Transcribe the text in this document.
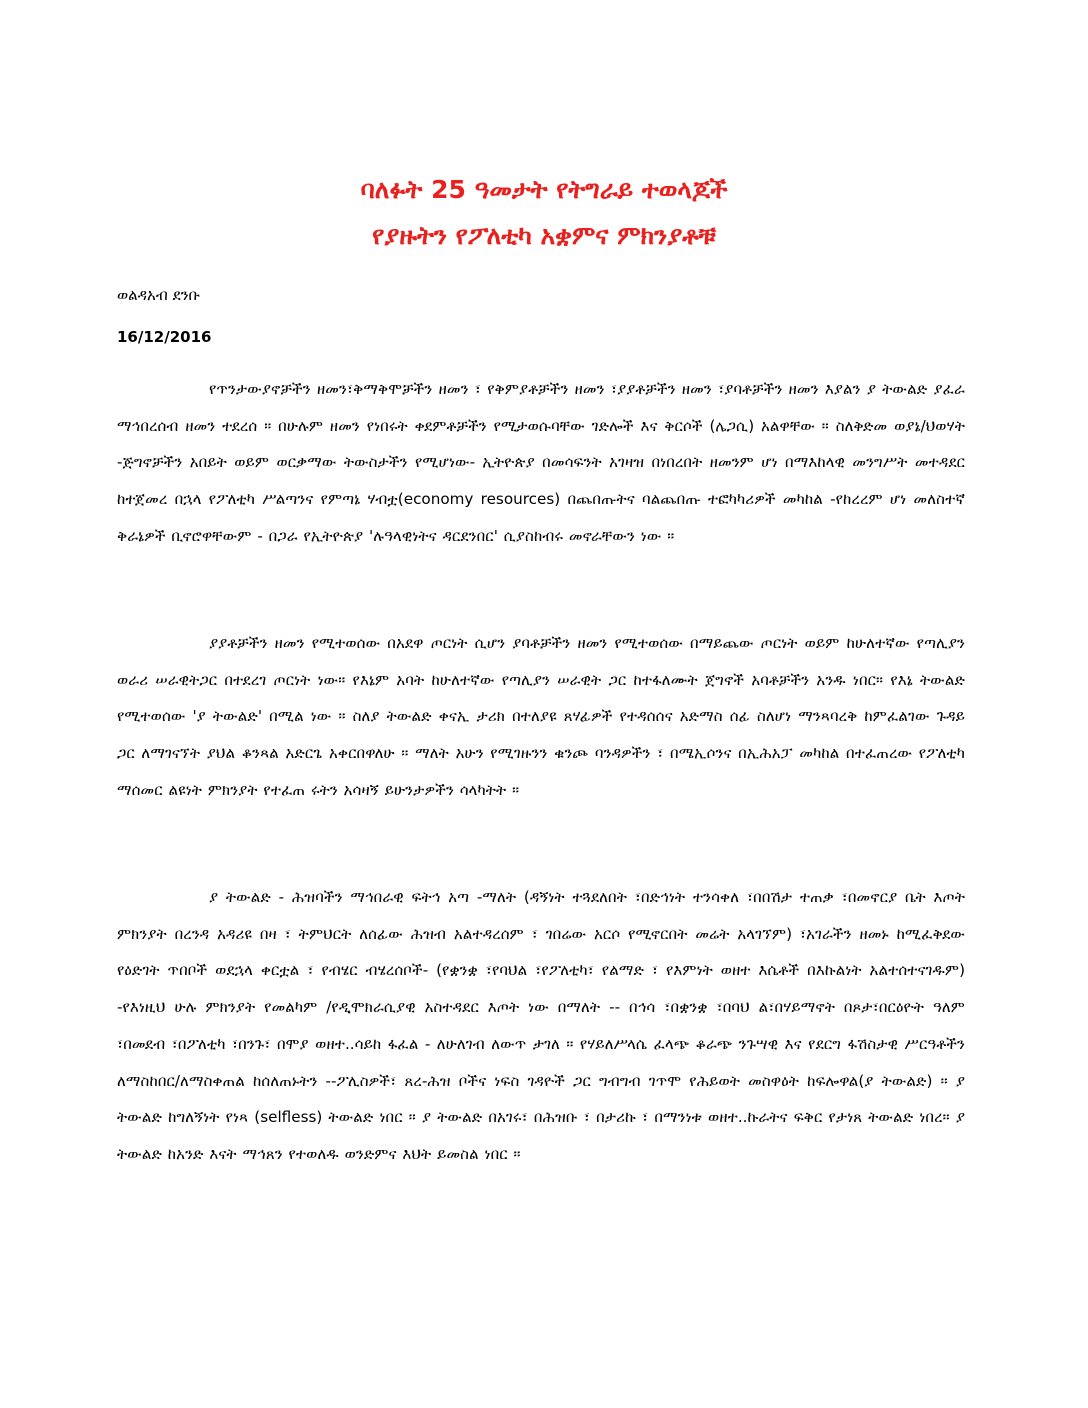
ባለፉት 25 ዓመታት የትግራይ ተወላጆች
የያዙትን የፖለቲካ አቋምና ምክንያቶቹ
ወልዳአብ ደንቡ
16/12/2016

የጥንታውያኖቻችን ዘመን፣ቅማቅሞቻችን ዘመን ፣ የቅምያቶቻችን ዘመን ፣ያያቶቻችን ዘመን ፣ያባቶቻችን ዘመን እያልን ያ ትውልድ ያፈራ ማኅበረሰብ ዘመን ተደረሰ ። በሁሉም ዘመን የነበሩት ቀደምቶቻችን የሚታወሱባቸው ገድሎች እና ቅርሶች (ሌጋሲ) አልዋቸው ። ስለቅድመ ወያኔ/ህወሃት -ጅግኖቻችን አበይት ወይም ወርቃማው ትውስታችን የሚሆነው- ኢትዮጵያ በመሳፍንት አገዛዝ በነበረበት ዘመንም ሆነ በማእከላዊ መንግሥት መተዳደር ከተጀመረ በኋላ የፖለቲካ ሥልጣንና የምጣኔ ሃብቷ(economy resources) በጨበጡትና ባልጨበጡ ተፎካካሪዎች መካከል -የከረረም ሆነ መለስተኛ ቅራኔዎች ቢኖሮዋቸውም - በጋራ የኢትዮጵያ 'ሉዓላዊነትና ዳርደንበር' ሲያስከብሩ መኖራቸውን ነው ።

ያያቶቻችን ዘመን የሚተወሰው በአደዋ ጦርነት ሲሆን ያባቶቻችን ዘመን የሚተወሰው በማይጨው ጦርነት ወይም ከሁለተኛው የጣሊያን ወራሪ ሠራዊትጋር በተደረገ ጦርነት ነው። የእኔም አባት ከሁለተኛው የጣሊያን ሠራዊት ጋር ከተፋለሙት ጀግኖች አባቶቻችን አንዱ ነበር። የእኔ ትውልድ የሚተወሰው 'ያ ትውልድ' በሚል ነው ። ስለያ ትውልድ ቀናኢ ታሪክ በተለያዩ ጸሃፊዎች የተዳሰሰና አድማስ ሰፊ ስለሆነ ማንጻባረቅ ከምፈልገው ጉዳይ ጋር ለማገናኘት ያህል ቆንጻል አድርጌ አቀርበዋለሁ ። ማለት አሁን የሚገዙንን ቁንጮ ባንዳዎችን ፣ በሜኢሶንና በኢሕአፓ መካከል በተፈጠረው የፖለቲካ ማሰመር ልዩነት ምክንያት የተፈጠ ሩትን አሳዛኝ ይሁንታዎችን ሳላካትት ።

ያ ትውልድ - ሕዝባችን ማኅበራዊ ፍትኅ አጣ -ማለት (ዳኝነት ተጓደለበት ፣በድኅነት ተንሳቀለ ፣በበሽታ ተጠቃ ፣በመኖርያ ቤት እጦት ምክንያት በረንዳ አዳሪዩ በዛ ፣ ትምህርት ለሰፊው ሕዝብ አልተዳረሰም ፣ ገበሬው አርሶ የሚኖርበት መሬት አላገኘም) ፣አገራችን ዘመኑ ከሚፈቅደው የዕድገት ጥበቦች ወደኋላ ቀርቷል ፣ የብሄር ብሄረሰቦች- (የቋንቋ ፣የባህል ፣የፖለቲካ፣ የልማድ ፣ የእምነት ወዘተ እሴቶች በእኩልነት አልተሰተናገዱም) -የእነዚህ ሁሉ ምክንያት የመልካም /የዲሞክራሲያዊ አስተዳደር እጦት ነው በማለት -- በኅሳ ፣በቋንቋ ፣በባህ ል፣በሃይማኖት በጾታ፣በርዕዮት ዓለም ፣በመደብ ፣በፖለቲካ ፣በንጉ፣ በሞያ ወዘተ..ሳይከ ፋፈል - ለሁለገብ ለውጥ ታገለ ። የሃይለሥላሴ ፈላጭ ቆራጭ ንጉሣዊ እና የደርግ ፋሽስታዊ ሥርዓቶችን ለማስከበር/ለማስቀጠል ከሰለጠኑትን --ፖሊስዎች፣ ጸረ-ሕዝ ቦችና ነፍስ ገዳዮች ጋር ግብግብ ገጥሞ የሕይወት መስዋዕት ከፍሎዋል(ያ ትውልድ) ። ያ ትውልድ ከግለኝነት የነጻ (selfless) ትውልድ ነበር ። ያ ትውልድ በአገሩ፣ በሕዝቡ ፣ በታሪኩ ፣ በማንነቱ ወዘተ..ኩራትና ፍቅር የታነጸ ትውልድ ነበረ። ያ ትውልድ ከአንድ እናት ማኅጸን የተወለዱ ወንድምና እህት ይመስል ነበር ።
